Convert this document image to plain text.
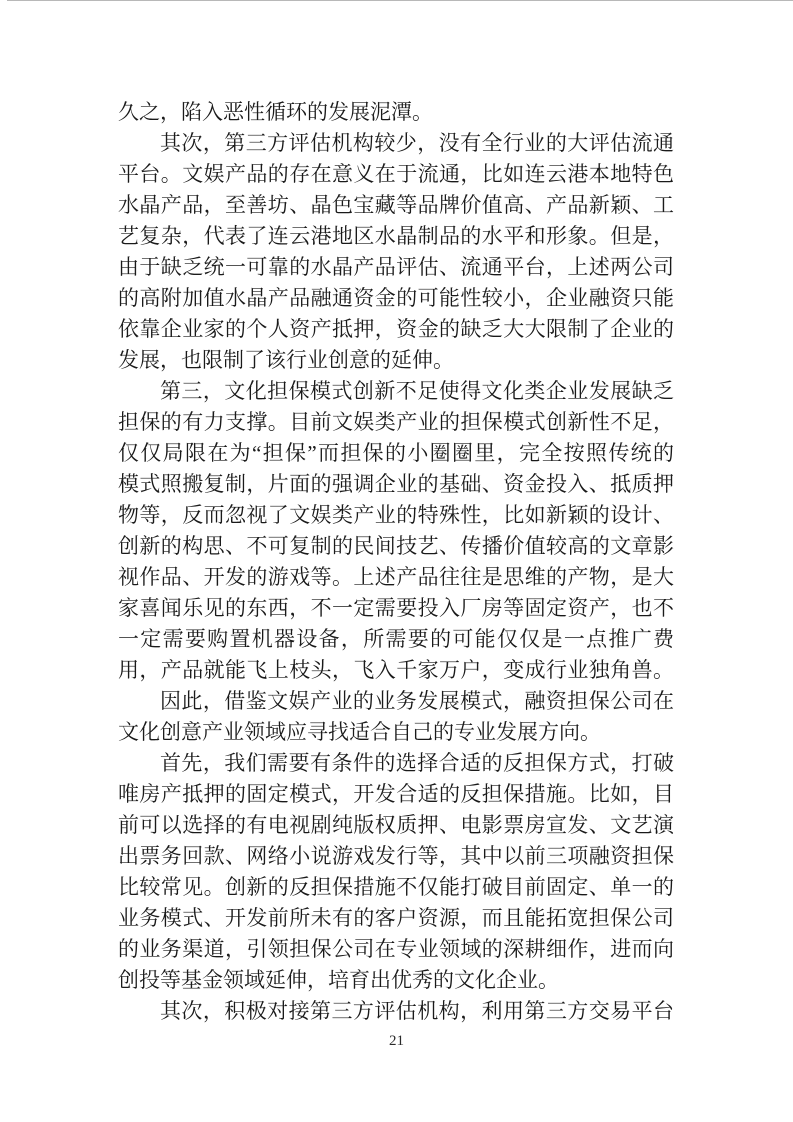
久之，陷入恶性循环的发展泥潭。
其次，第三方评估机构较少，没有全行业的大评估流通
平台。文娱产品的存在意义在于流通，比如连云港本地特色
水晶产品，至善坊、晶色宝藏等品牌价值高、产品新颖、工
艺复杂，代表了连云港地区水晶制品的水平和形象。但是，
由于缺乏统一可靠的水晶产品评估、流通平台，上述两公司
的高附加值水晶产品融通资金的可能性较小，企业融资只能
依靠企业家的个人资产抵押，资金的缺乏大大限制了企业的
发展，也限制了该行业创意的延伸。
第三，文化担保模式创新不足使得文化类企业发展缺乏
担保的有力支撑。目前文娱类产业的担保模式创新性不足，
仅仅局限在为“担保”而担保的小圈圈里，完全按照传统的
模式照搬复制，片面的强调企业的基础、资金投入、抵质押
物等，反而忽视了文娱类产业的特殊性，比如新颖的设计、
创新的构思、不可复制的民间技艺、传播价值较高的文章影
视作品、开发的游戏等。上述产品往往是思维的产物，是大
家喜闻乐见的东西，不一定需要投入厂房等固定资产，也不
一定需要购置机器设备，所需要的可能仅仅是一点推广费
用，产品就能飞上枝头，飞入千家万户，变成行业独角兽。
因此，借鉴文娱产业的业务发展模式，融资担保公司在
文化创意产业领域应寻找适合自己的专业发展方向。
首先，我们需要有条件的选择合适的反担保方式，打破
唯房产抵押的固定模式，开发合适的反担保措施。比如，目
前可以选择的有电视剧纯版权质押、电影票房宣发、文艺演
出票务回款、网络小说游戏发行等，其中以前三项融资担保
比较常见。创新的反担保措施不仅能打破目前固定、单一的
业务模式、开发前所未有的客户资源，而且能拓宽担保公司
的业务渠道，引领担保公司在专业领域的深耕细作，进而向
创投等基金领域延伸，培育出优秀的文化企业。
其次，积极对接第三方评估机构，利用第三方交易平台
21
